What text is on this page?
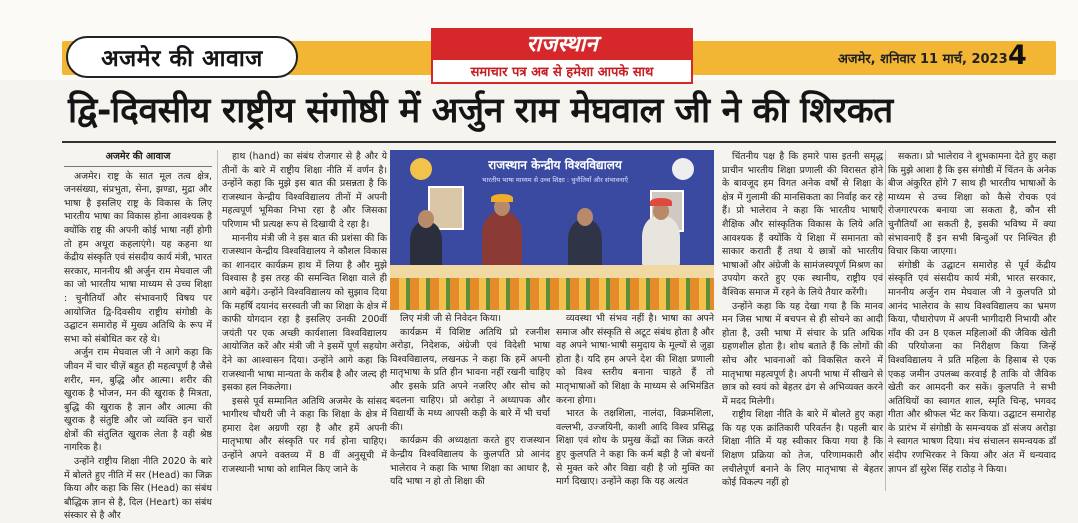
अजमेर की आवाज
राजस्थान
समाचार पत्र अब से हमेशा आपके साथ
अजमेर, शनिवार 11 मार्च, 2023 4
द्वि-दिवसीय राष्ट्रीय संगोष्ठी में अर्जुन राम मेघवाल जी ने की शिरकत

अजमेर की आवाज

अजमेर। राष्ट्र के सात मूल तत्व क्षेत्र, जनसंख्या, संप्रभुता, सेना, झण्डा, मुद्रा और भाषा है इसलिए राष्ट्र के विकास के लिए भारतीय भाषा का विकास होना आवश्यक है क्योंकि राष्ट्र की अपनी कोई भाषा नहीं होगी तो हम अधूरा कहलाएंगे। यह कहना था केंद्रीय संस्कृति एवं संसदीय कार्य मंत्री, भारत सरकार, माननीय श्री अर्जुन राम मेघवाल जी का जो भारतीय भाषा माध्यम से उच्च शिक्षा : चुनौतियाँ और संभावनाएँ विषय पर आयोजित द्वि-दिवसीय राष्ट्रीय संगोष्ठी के उद्घाटन समारोह में मुख्य अतिथि के रूप में सभा को संबोधित कर रहे थे।

अर्जुन राम मेघवाल जी ने आगे कहा कि जीवन में चार चीज़ें बहुत ही महत्वपूर्ण है जैसे शरीर, मन, बुद्धि और आत्मा। शरीर की खुराक है भोजन, मन की खुराक है मित्रता, बुद्धि की खुराक है ज्ञान और आत्मा की खुराक है संतुष्टि और जो व्यक्ति इन चारों क्षेत्रों की संतुलित खुराक लेता है वही श्रेष्ठ नागरिक है।

उन्होंने राष्ट्रीय शिक्षा नीति 2020 के बारे में बोलते हुए नीति में सर (Head) का जिक्र किया और कहा कि सिर (Head) का संबंध बौद्धिक ज्ञान से है, दिल (Heart) का संबंध संस्कार से है और

हाथ (hand) का संबंध रोजगार से है और ये तीनों के बारे में राष्ट्रीय शिक्षा नीति में वर्णन है। उन्होंने कहा कि मुझे इस बात की प्रसन्नता है कि राजस्थान केन्द्रीय विश्वविद्यालय तीनों में अपनी महत्वपूर्ण भूमिका निभा रहा है और जिसका परिणाम भी प्रत्यक्ष रूप से दिखायी दे रहा है।

माननीय मंत्री जी ने इस बात की प्रशंसा की कि राजस्थान केन्द्रीय विश्वविद्यालय ने कौशल विकास का शानदार कार्यक्रम हाथ में लिया है और मुझे विश्वास है इस तरह की समन्वित शिक्षा वाले ही आगे बढ़ेंगे। उन्होंने विश्वविद्यालय को सुझाव दिया कि महर्षि दयानंद सरस्वती जी का शिक्षा के क्षेत्र में काफी योगदान रहा है इसलिए उनकी 200वीं जयंती पर एक अच्छी कार्यशाला विश्वविद्यालय आयोजित करें और मंत्री जी ने इसमें पूर्ण सहयोग देने का आश्वासन दिया। उन्होंने आगे कहा कि राजस्थानी भाषा मान्यता के करीब है और जल्द ही इसका हल निकलेगा।

इससे पूर्व सम्मानित अतिथि अजमेर के सांसद भागीरथ चौधरी जी ने कहा कि शिक्षा के क्षेत्र में हमारा देश अग्रणी रहा है और हमें अपनी मातृभाषा और संस्कृति पर गर्व होना चाहिए। उन्होंने अपने वक्तव्य में 8 वीं अनुसूची में राजस्थानी भाषा को शामिल किए जाने के

राजस्थान केन्द्रीय विश्वविद्यालय
भारतीय भाषा माध्यम से उच्च शिक्षा : चुनौतियाँ और संभावनाएँ

लिए मंत्री जी से निवेदन किया।

कार्यक्रम में विशिष्ट अतिथि प्रो रजनीश अरोड़ा, निदेशक, अंग्रेजी एवं विदेशी भाषा विश्वविद्यालय, लखनऊ ने कहा कि हमें अपनी मातृभाषा के प्रति हीन भावना नहीं रखनी चाहिए और इसके प्रति अपने नजरिए और सोच को बदलना चाहिए। प्रो अरोड़ा ने अध्यापक और विद्यार्थी के मध्य आपसी कड़ी के बारे में भी चर्चा की।

कार्यक्रम की अध्यक्षता करते हुए राजस्थान केन्द्रीय विश्वविद्यालय के कुलपति प्रो आनंद भालेराव ने कहा कि भाषा शिक्षा का आधार है, यदि भाषा न हो तो शिक्षा की

व्यवस्था भी संभव नहीं है। भाषा का अपने समाज और संस्कृति से अटूट संबंध होता है और वह अपने भाषा-भाषी समुदाय के मूल्यों से जुड़ा होता है। यदि हम अपने देश की शिक्षा प्रणाली को विश्व स्तरीय बनाना चाहते हैं तो मातृभाषाओं को शिक्षा के माध्यम से अभिमंडित करना होगा।

भारत के तक्षशिला, नालंदा, विक्रमशिला, वल्लभी, उज्जयिनी, काशी आदि विश्व प्रसिद्ध शिक्षा एवं शोध के प्रमुख केंद्रों का जिक्र करते हुए कुलपति ने कहा कि कर्म बड़ी है जो बंधनों से मुक्त करे और विद्या वही है जो मुक्ति का मार्ग दिखाए। उन्होंने कहा कि यह अत्यंत

चिंतनीय पक्ष है कि हमारे पास इतनी समृद्ध प्राचीन भारतीय शिक्षा प्रणाली की विरासत होने के बावजूद हम विगत अनेक वर्षों से शिक्षा के क्षेत्र में गुलामी की मानसिकता का निर्वाह कर रहे हैं। प्रो भालेराव ने कहा कि भारतीय भाषाएँ शैक्षिक और सांस्कृतिक विकास के लिये अति आवश्यक हैं क्योंकि ये शिक्षा में समानता को साकार कराती हैं तथा ये छात्रों को भारतीय भाषाओं और अंग्रेजी के सामंजस्यपूर्ण मिश्रण का उपयोग करते हुए एक स्थानीय, राष्ट्रीय एवं वैश्विक समाज में रहने के लिये तैयार करेंगी।

उन्होंने कहा कि यह देखा गया है कि मानव मन जिस भाषा में बचपन से ही सोचने का आदी होता है, उसी भाषा में संचार के प्रति अधिक ग्रहणशील होता है। शोध बताते हैं कि लोगों की सोच और भावनाओं को विकसित करने में मातृभाषा महत्वपूर्ण है। अपनी भाषा में सीखने से छात्र को स्वयं को बेहतर ढंग से अभिव्यक्त करने में मदद मिलेगी।

राष्ट्रीय शिक्षा नीति के बारे में बोलते हुए कहा कि यह एक क्रांतिकारी परिवर्तन है। पहली बार शिक्षा नीति में यह स्वीकार किया गया है कि शिक्षण प्रक्रिया को तेज, परिणामकारी और लचीलेपूर्ण बनाने के लिए मातृभाषा से बेहतर कोई विकल्प नहीं हो

सकता। प्रो भालेराव ने शुभकामना देते हुए कहा कि मुझे आशा है कि इस संगोष्ठी में चिंतन के अनेक बीज अंकुरित होंगे 7 साथ ही भारतीय भाषाओं के माध्यम से उच्च शिक्षा को कैसे रोचक एवं रोजगारपरक बनाया जा सकता है, कौन सी चुनौतियाँ आ सकती है, इसकी भविष्य में क्या संभावनाएँ हैं इन सभी बिन्दुओं पर निश्चित ही विचार किया जाएगा।

संगोष्ठी के उद्घाटन समारोह से पूर्व केंद्रीय संस्कृति एवं संसदीय कार्य मंत्री, भारत सरकार, माननीय अर्जुन राम मेघवाल जी ने कुलपति प्रो आनंद भालेराव के साथ विश्वविद्यालय का भ्रमण किया, पौधारोपण में अपनी भागीदारी निभायी और गाँव की उन 8 एकल महिलाओं की जैविक खेती की परियोजना का निरीक्षण किया जिन्हें विश्वविद्यालय ने प्रति महिला के हिसाब से एक एकड़ जमीन उपलब्ध करवाई है ताकि वो जैविक खेती कर आमदनी कर सकें। कुलपति ने सभी अतिथियों का स्वागत शाल, स्मृति चिन्ह, भगवद गीता और श्रीफल भेंट कर किया। उद्घाटन समारोह के प्रारंभ में संगोष्ठी के समन्वयक डॉ संजय अरोड़ा ने स्वागत भाषण दिया। मंच संचालन समन्वयक डॉ संदीप रणभिरकर ने किया और अंत में धन्यवाद ज्ञापन डॉ सुरेश सिंह राठोड़ ने किया।
